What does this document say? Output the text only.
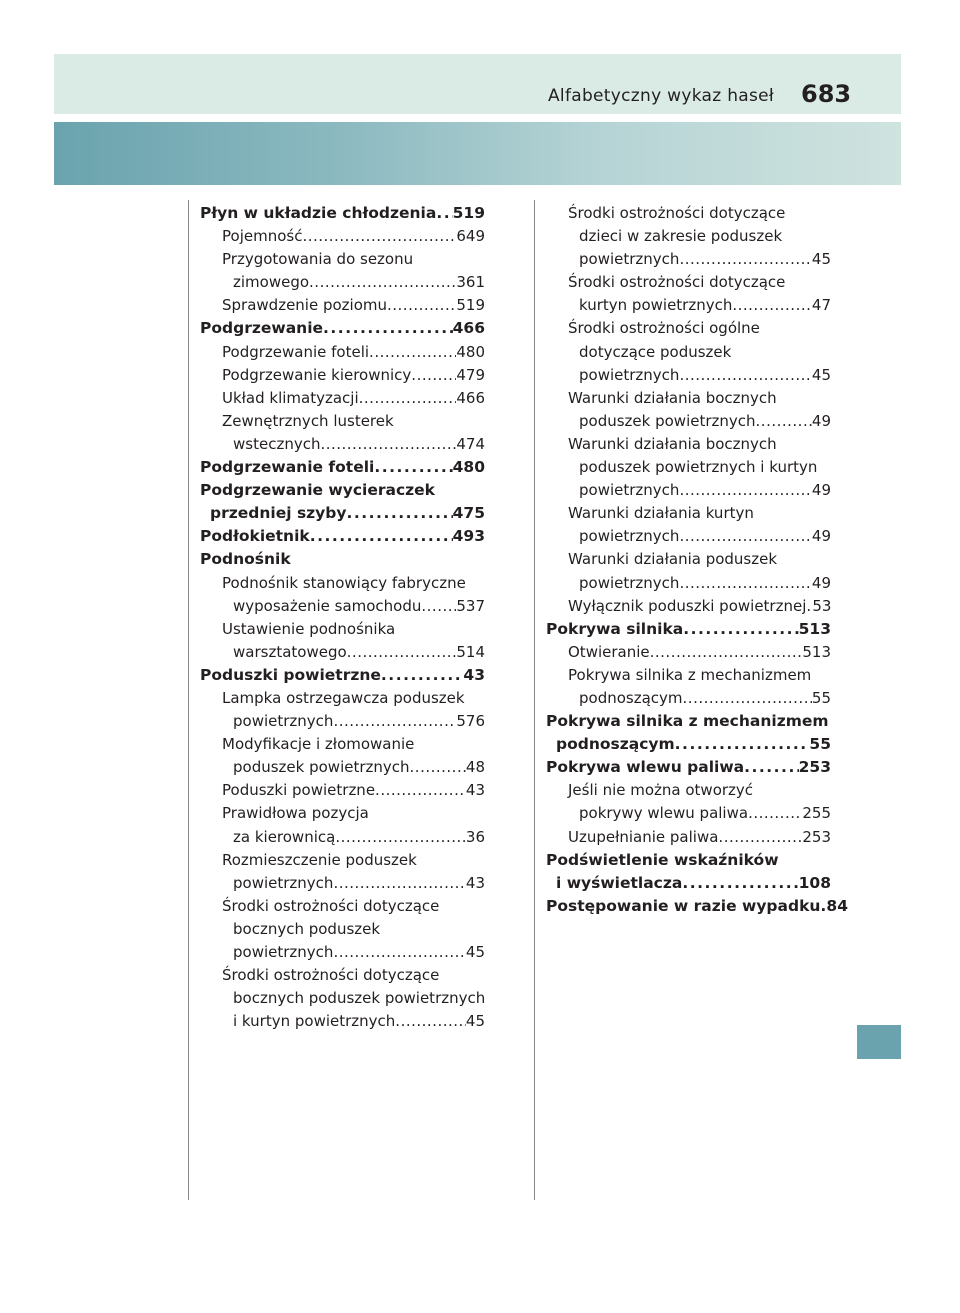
Alfabetyczny wykaz haseł 683
Płyn w układzie chłodzenia ..... 519
Pojemność .....	649
Przygotowania do sezonu
zimowego .....	361
Sprawdzenie poziomu .....	519
Podgrzewanie .....	466
Podgrzewanie foteli .....	480
Podgrzewanie kierownicy .....	479
Układ klimatyzacji .....	466
Zewnętrznych lusterek
wstecznych .....	474
Podgrzewanie foteli .....	480
Podgrzewanie wycieraczek
przedniej szyby .....	475
Podłokietnik .....	493
Podnośnik
Podnośnik stanowiący fabryczne
wyposażenie samochodu ..... 537
Ustawienie podnośnika
warsztatowego .....	514
Poduszki powietrzne .....	43
Lampka ostrzegawcza poduszek
powietrznych .....	576
Modyfikacje i złomowanie
poduszek powietrznych .....	48
Poduszki powietrzne .....	43
Prawidłowa pozycja
za kierownicą .....	36
Rozmieszczenie poduszek
powietrznych .....	43
Środki ostrożności dotyczące
bocznych poduszek
powietrznych .....	45
Środki ostrożności dotyczące
bocznych poduszek powietrznych
i kurtyn powietrznych .....	45
Środki ostrożności dotyczące
dzieci w zakresie poduszek
powietrznych .....	45
Środki ostrożności dotyczące
kurtyn powietrznych .....	47
Środki ostrożności ogólne
dotyczące poduszek
powietrznych .....	45
Warunki działania bocznych
poduszek powietrznych .....	49
Warunki działania bocznych
poduszek powietrznych i kurtyn
powietrznych .....	49
Warunki działania kurtyn
powietrznych .....	49
Warunki działania poduszek
powietrznych .....	49
Wyłącznik poduszki powietrznej ..... 53
Pokrywa silnika .....	513
Otwieranie .....	513
Pokrywa silnika z mechanizmem
podnoszącym .....	55
Pokrywa silnika z mechanizmem
podnoszącym .....	55
Pokrywa wlewu paliwa .....	253
Jeśli nie można otworzyć
pokrywy wlewu paliwa .....	255
Uzupełnianie paliwa .....	253
Podświetlenie wskaźników
i wyświetlacza .....	108
Postępowanie w razie wypadku ..... 84
